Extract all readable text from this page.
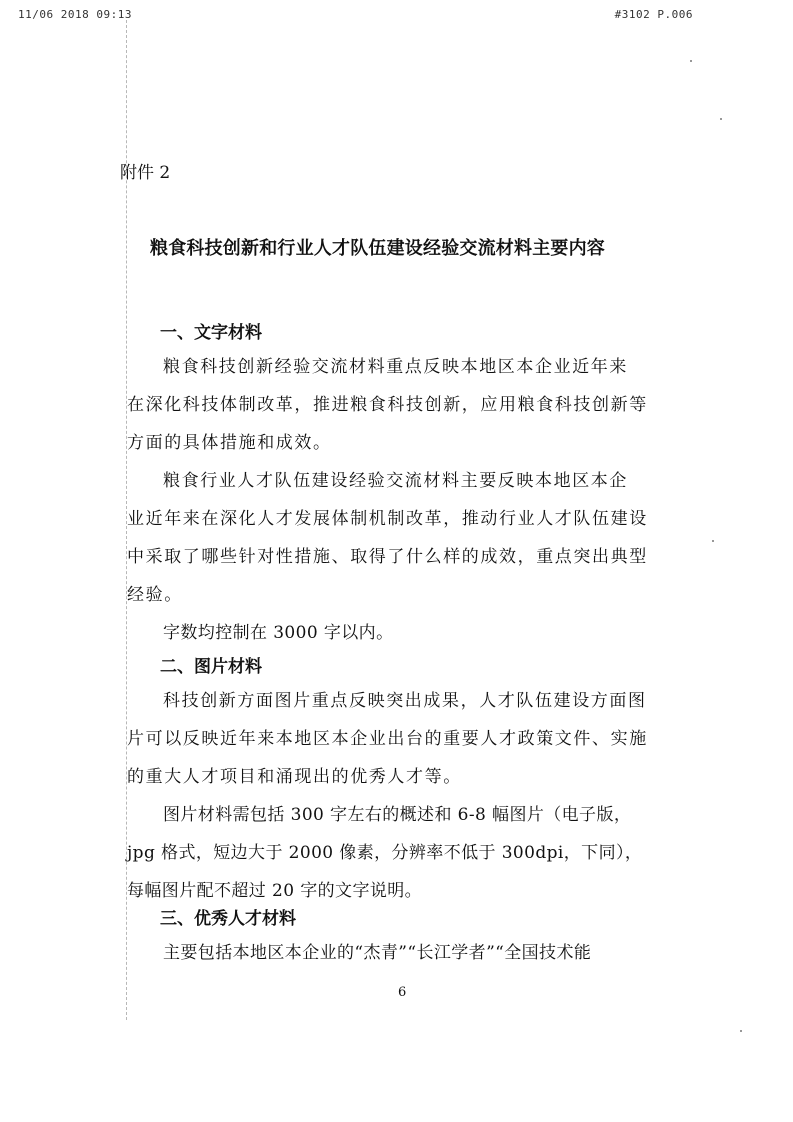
11/06 2018 09:13	#3102 P.006
附件 2
粮食科技创新和行业人才队伍建设经验交流材料主要内容
一、文字材料
粮食科技创新经验交流材料重点反映本地区本企业近年来
在深化科技体制改革，推进粮食科技创新，应用粮食科技创新等
方面的具体措施和成效。
粮食行业人才队伍建设经验交流材料主要反映本地区本企
业近年来在深化人才发展体制机制改革，推动行业人才队伍建设
中采取了哪些针对性措施、取得了什么样的成效，重点突出典型
经验。
字数均控制在 3000 字以内。
二、图片材料
科技创新方面图片重点反映突出成果，人才队伍建设方面图
片可以反映近年来本地区本企业出台的重要人才政策文件、实施
的重大人才项目和涌现出的优秀人才等。
图片材料需包括 300 字左右的概述和 6-8 幅图片（电子版，
jpg 格式，短边大于 2000 像素，分辨率不低于 300dpi，下同），
每幅图片配不超过 20 字的文字说明。
三、优秀人才材料
主要包括本地区本企业的“杰青”“长江学者”“全国技术能
6
